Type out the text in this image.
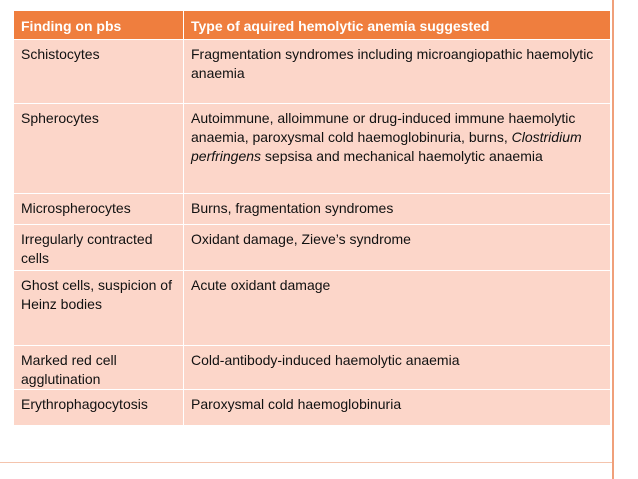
Finding on pbs	Type of aquired hemolytic anemia suggested
Schistocytes	Fragmentation syndromes including microangiopathic haemolytic anaemia
Spherocytes	Autoimmune, alloimmune or drug-induced immune haemolytic anaemia, paroxysmal cold haemoglobinuria, burns, Clostridium perfringens sepsisa and mechanical haemolytic anaemia
Microspherocytes	Burns, fragmentation syndromes
Irregularly contracted cells	Oxidant damage, Zieve’s syndrome
Ghost cells, suspicion of Heinz bodies	Acute oxidant damage
Marked red cell agglutination	Cold-antibody-induced haemolytic anaemia
Erythrophagocytosis	Paroxysmal cold haemoglobinuria
